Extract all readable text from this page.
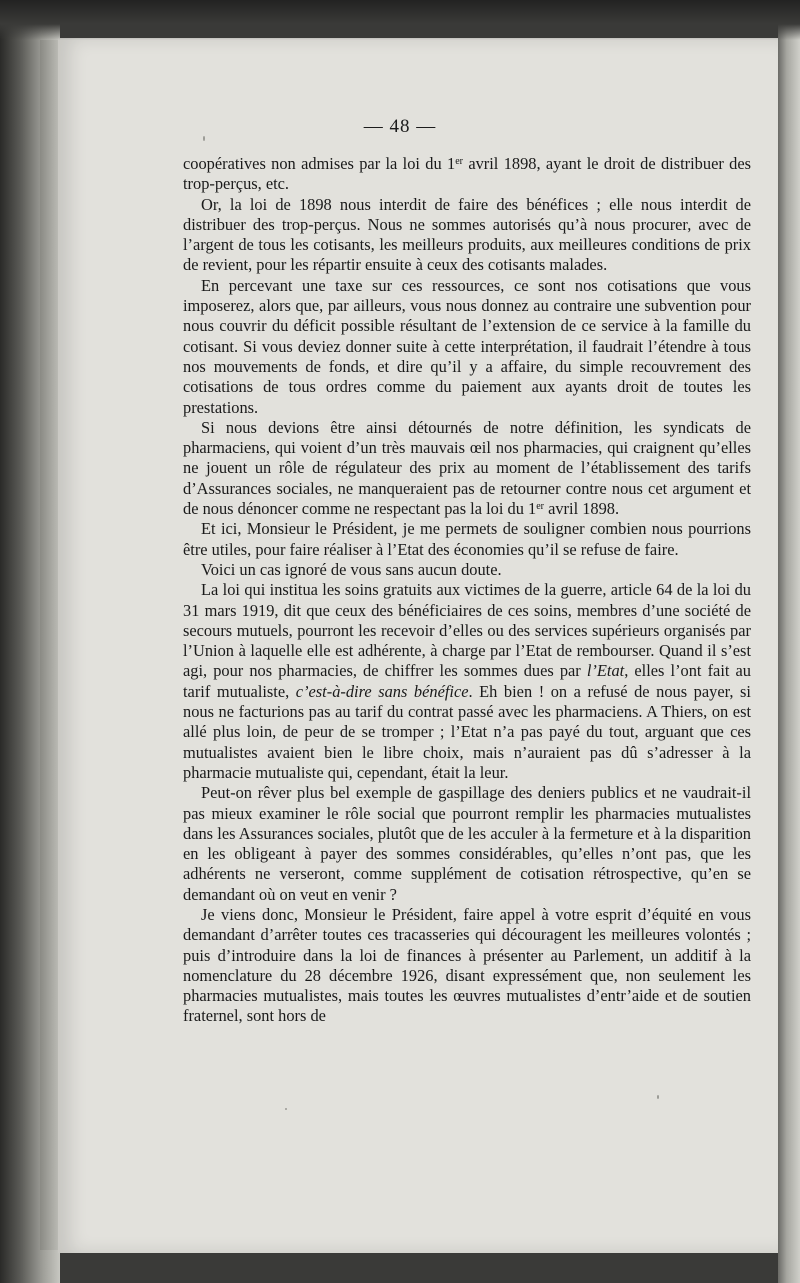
— 48 —

coopératives non admises par la loi du 1er avril 1898, ayant le droit de distribuer des trop-perçus, etc.

Or, la loi de 1898 nous interdit de faire des bénéfices ; elle nous interdit de distribuer des trop-perçus. Nous ne sommes autorisés qu’à nous procurer, avec de l’argent de tous les cotisants, les meilleurs produits, aux meilleures conditions de prix de revient, pour les répartir ensuite à ceux des cotisants malades.

En percevant une taxe sur ces ressources, ce sont nos cotisations que vous imposerez, alors que, par ailleurs, vous nous donnez au contraire une subvention pour nous couvrir du déficit possible résultant de l’extension de ce service à la famille du cotisant. Si vous deviez donner suite à cette interprétation, il faudrait l’étendre à tous nos mouvements de fonds, et dire qu’il y a affaire, du simple recouvrement des cotisations de tous ordres comme du paiement aux ayants droit de toutes les prestations.

Si nous devions être ainsi détournés de notre définition, les syndicats de pharmaciens, qui voient d’un très mauvais œil nos pharmacies, qui craignent qu’elles ne jouent un rôle de régulateur des prix au moment de l’établissement des tarifs d’Assurances sociales, ne manqueraient pas de retourner contre nous cet argument et de nous dénoncer comme ne respectant pas la loi du 1er avril 1898.

Et ici, Monsieur le Président, je me permets de souligner combien nous pourrions être utiles, pour faire réaliser à l’Etat des économies qu’il se refuse de faire.

Voici un cas ignoré de vous sans aucun doute.

La loi qui institua les soins gratuits aux victimes de la guerre, article 64 de la loi du 31 mars 1919, dit que ceux des bénéficiaires de ces soins, membres d’une société de secours mutuels, pourront les recevoir d’elles ou des services supérieurs organisés par l’Union à laquelle elle est adhérente, à charge par l’Etat de rembourser. Quand il s’est agi, pour nos pharmacies, de chiffrer les sommes dues par l’Etat, elles l’ont fait au tarif mutualiste, c’est-à-dire sans bénéfice. Eh bien ! on a refusé de nous payer, si nous ne facturions pas au tarif du contrat passé avec les pharmaciens. A Thiers, on est allé plus loin, de peur de se tromper ; l’Etat n’a pas payé du tout, arguant que ces mutualistes avaient bien le libre choix, mais n’auraient pas dû s’adresser à la pharmacie mutualiste qui, cependant, était la leur.

Peut-on rêver plus bel exemple de gaspillage des deniers publics et ne vaudrait-il pas mieux examiner le rôle social que pourront remplir les pharmacies mutualistes dans les Assurances sociales, plutôt que de les acculer à la fermeture et à la disparition en les obligeant à payer des sommes considérables, qu’elles n’ont pas, que les adhérents ne verseront, comme supplément de cotisation rétrospective, qu’en se demandant où on veut en venir ?

Je viens donc, Monsieur le Président, faire appel à votre esprit d’équité en vous demandant d’arrêter toutes ces tracasseries qui découragent les meilleures volontés ; puis d’introduire dans la loi de finances à présenter au Parlement, un additif à la nomenclature du 28 décembre 1926, disant expressément que, non seulement les pharmacies mutualistes, mais toutes les œuvres mutualistes d’entr’aide et de soutien fraternel, sont hors de
